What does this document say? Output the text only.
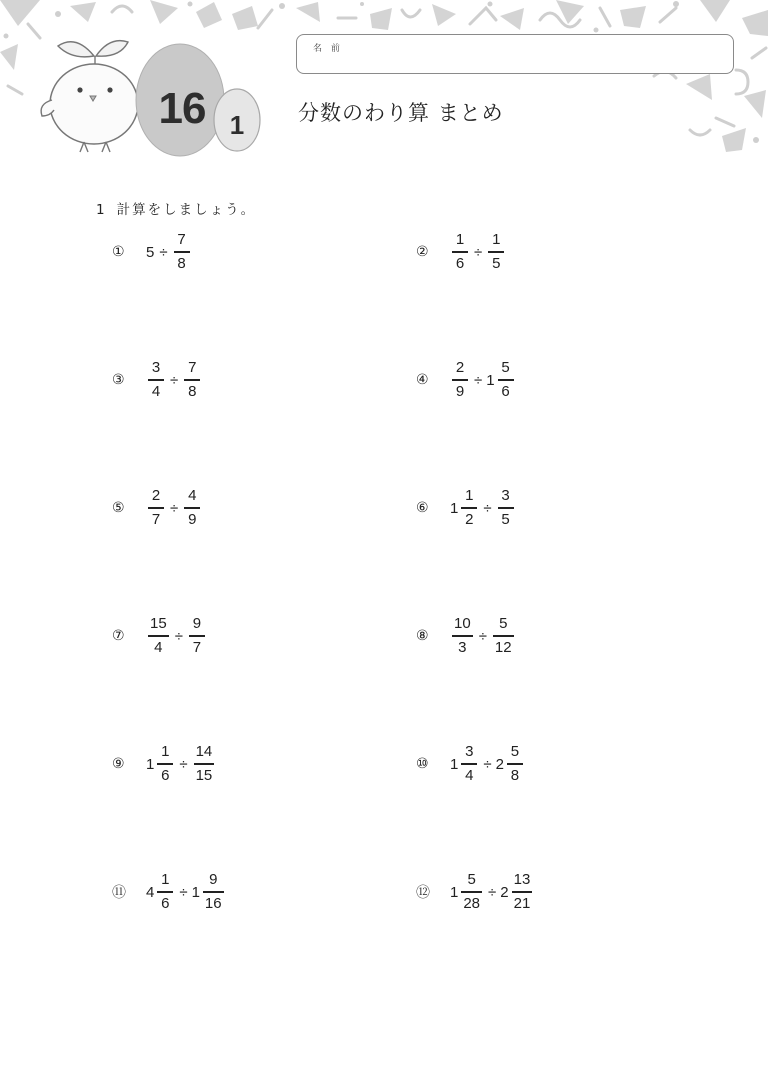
16 1
名 前
分数のわり算 まとめ
1 計算をしましょう。
①	$5 \div \frac{7}{8}$	②	$\frac{1}{6} \div \frac{1}{5}$
③	$\frac{3}{4} \div \frac{7}{8}$	④	$\frac{2}{9} \div 1 \frac{5}{6}$
⑤	$\frac{2}{7} \div \frac{4}{9}$	⑥	$1 \frac{1}{2} \div \frac{3}{5}$
⑦	$\frac{15}{4} \div \frac{9}{7}$	⑧	$\frac{10}{3} \div \frac{5}{12}$
⑨	$1 \frac{1}{6} \div \frac{14}{15}$	⑩	$1 \frac{3}{4} \div 2 \frac{5}{8}$
⑪	$4 \frac{1}{6} \div 1 \frac{9}{16}$	⑫	$1 \frac{5}{28} \div 2 \frac{13}{21}$
